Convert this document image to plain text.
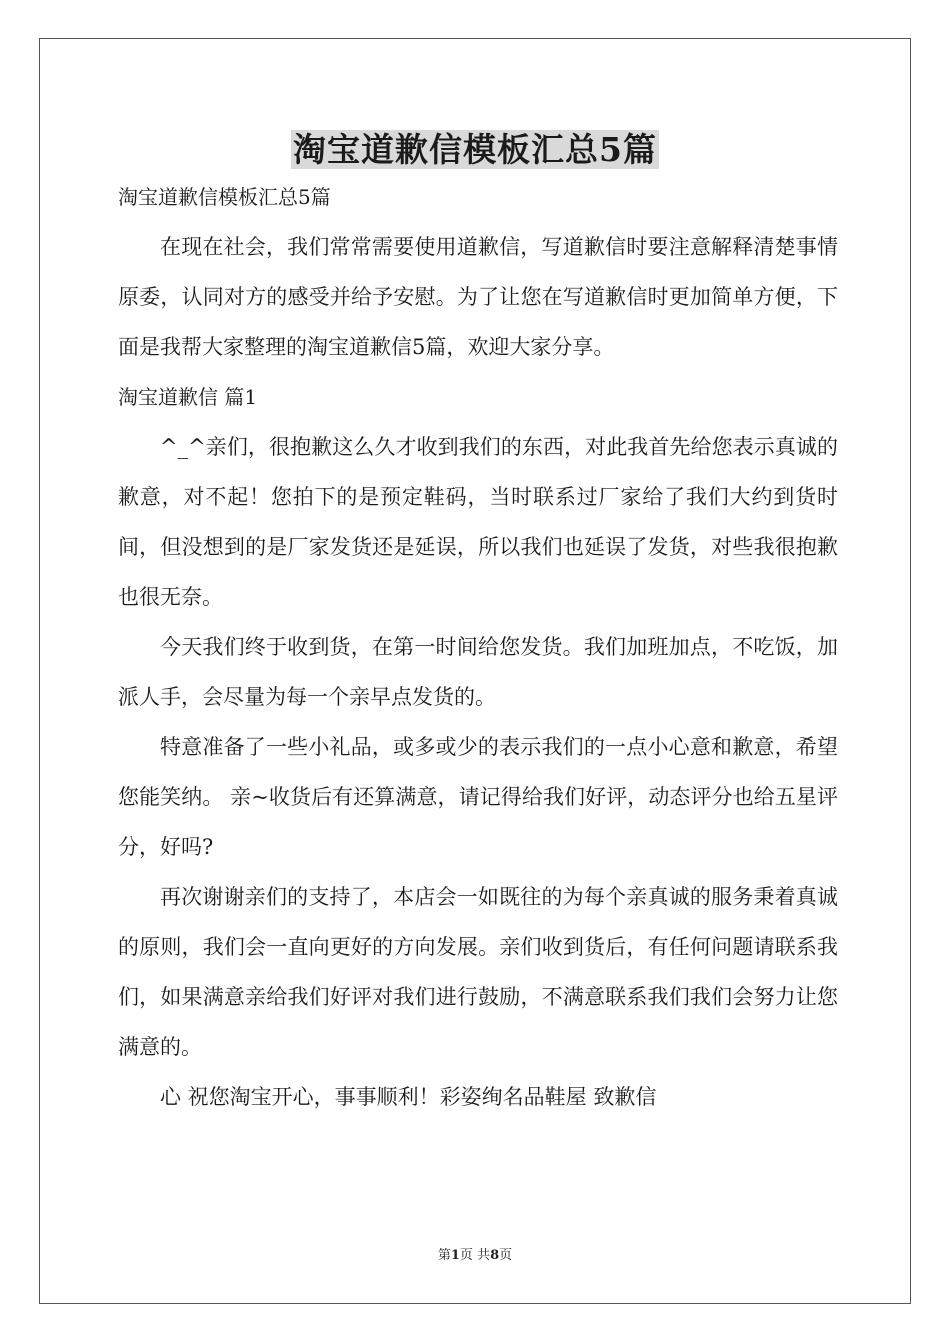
淘宝道歉信模板汇总5篇

淘宝道歉信模板汇总5篇

在现在社会，我们常常需要使用道歉信，写道歉信时要注意解释清楚事情原委，认同对方的感受并给予安慰。为了让您在写道歉信时更加简单方便，下面是我帮大家整理的淘宝道歉信5篇，欢迎大家分享。

淘宝道歉信 篇1

^_^亲们，很抱歉这么久才收到我们的东西，对此我首先给您表示真诚的歉意，对不起！您拍下的是预定鞋码，当时联系过厂家给了我们大约到货时间，但没想到的是厂家发货还是延误，所以我们也延误了发货，对些我很抱歉也很无奈。

今天我们终于收到货，在第一时间给您发货。我们加班加点，不吃饭，加派人手，会尽量为每一个亲早点发货的。

特意准备了一些小礼品，或多或少的表示我们的一点小心意和歉意，希望您能笑纳。 亲~收货后有还算满意，请记得给我们好评，动态评分也给五星评分，好吗?

再次谢谢亲们的支持了，本店会一如既往的为每个亲真诚的服务秉着真诚的原则，我们会一直向更好的方向发展。亲们收到货后，有任何问题请联系我们，如果满意亲给我们好评对我们进行鼓励，不满意联系我们我们会努力让您满意的。

心 祝您淘宝开心，事事顺利！彩姿绚名品鞋屋 致歉信

第1页 共8页
